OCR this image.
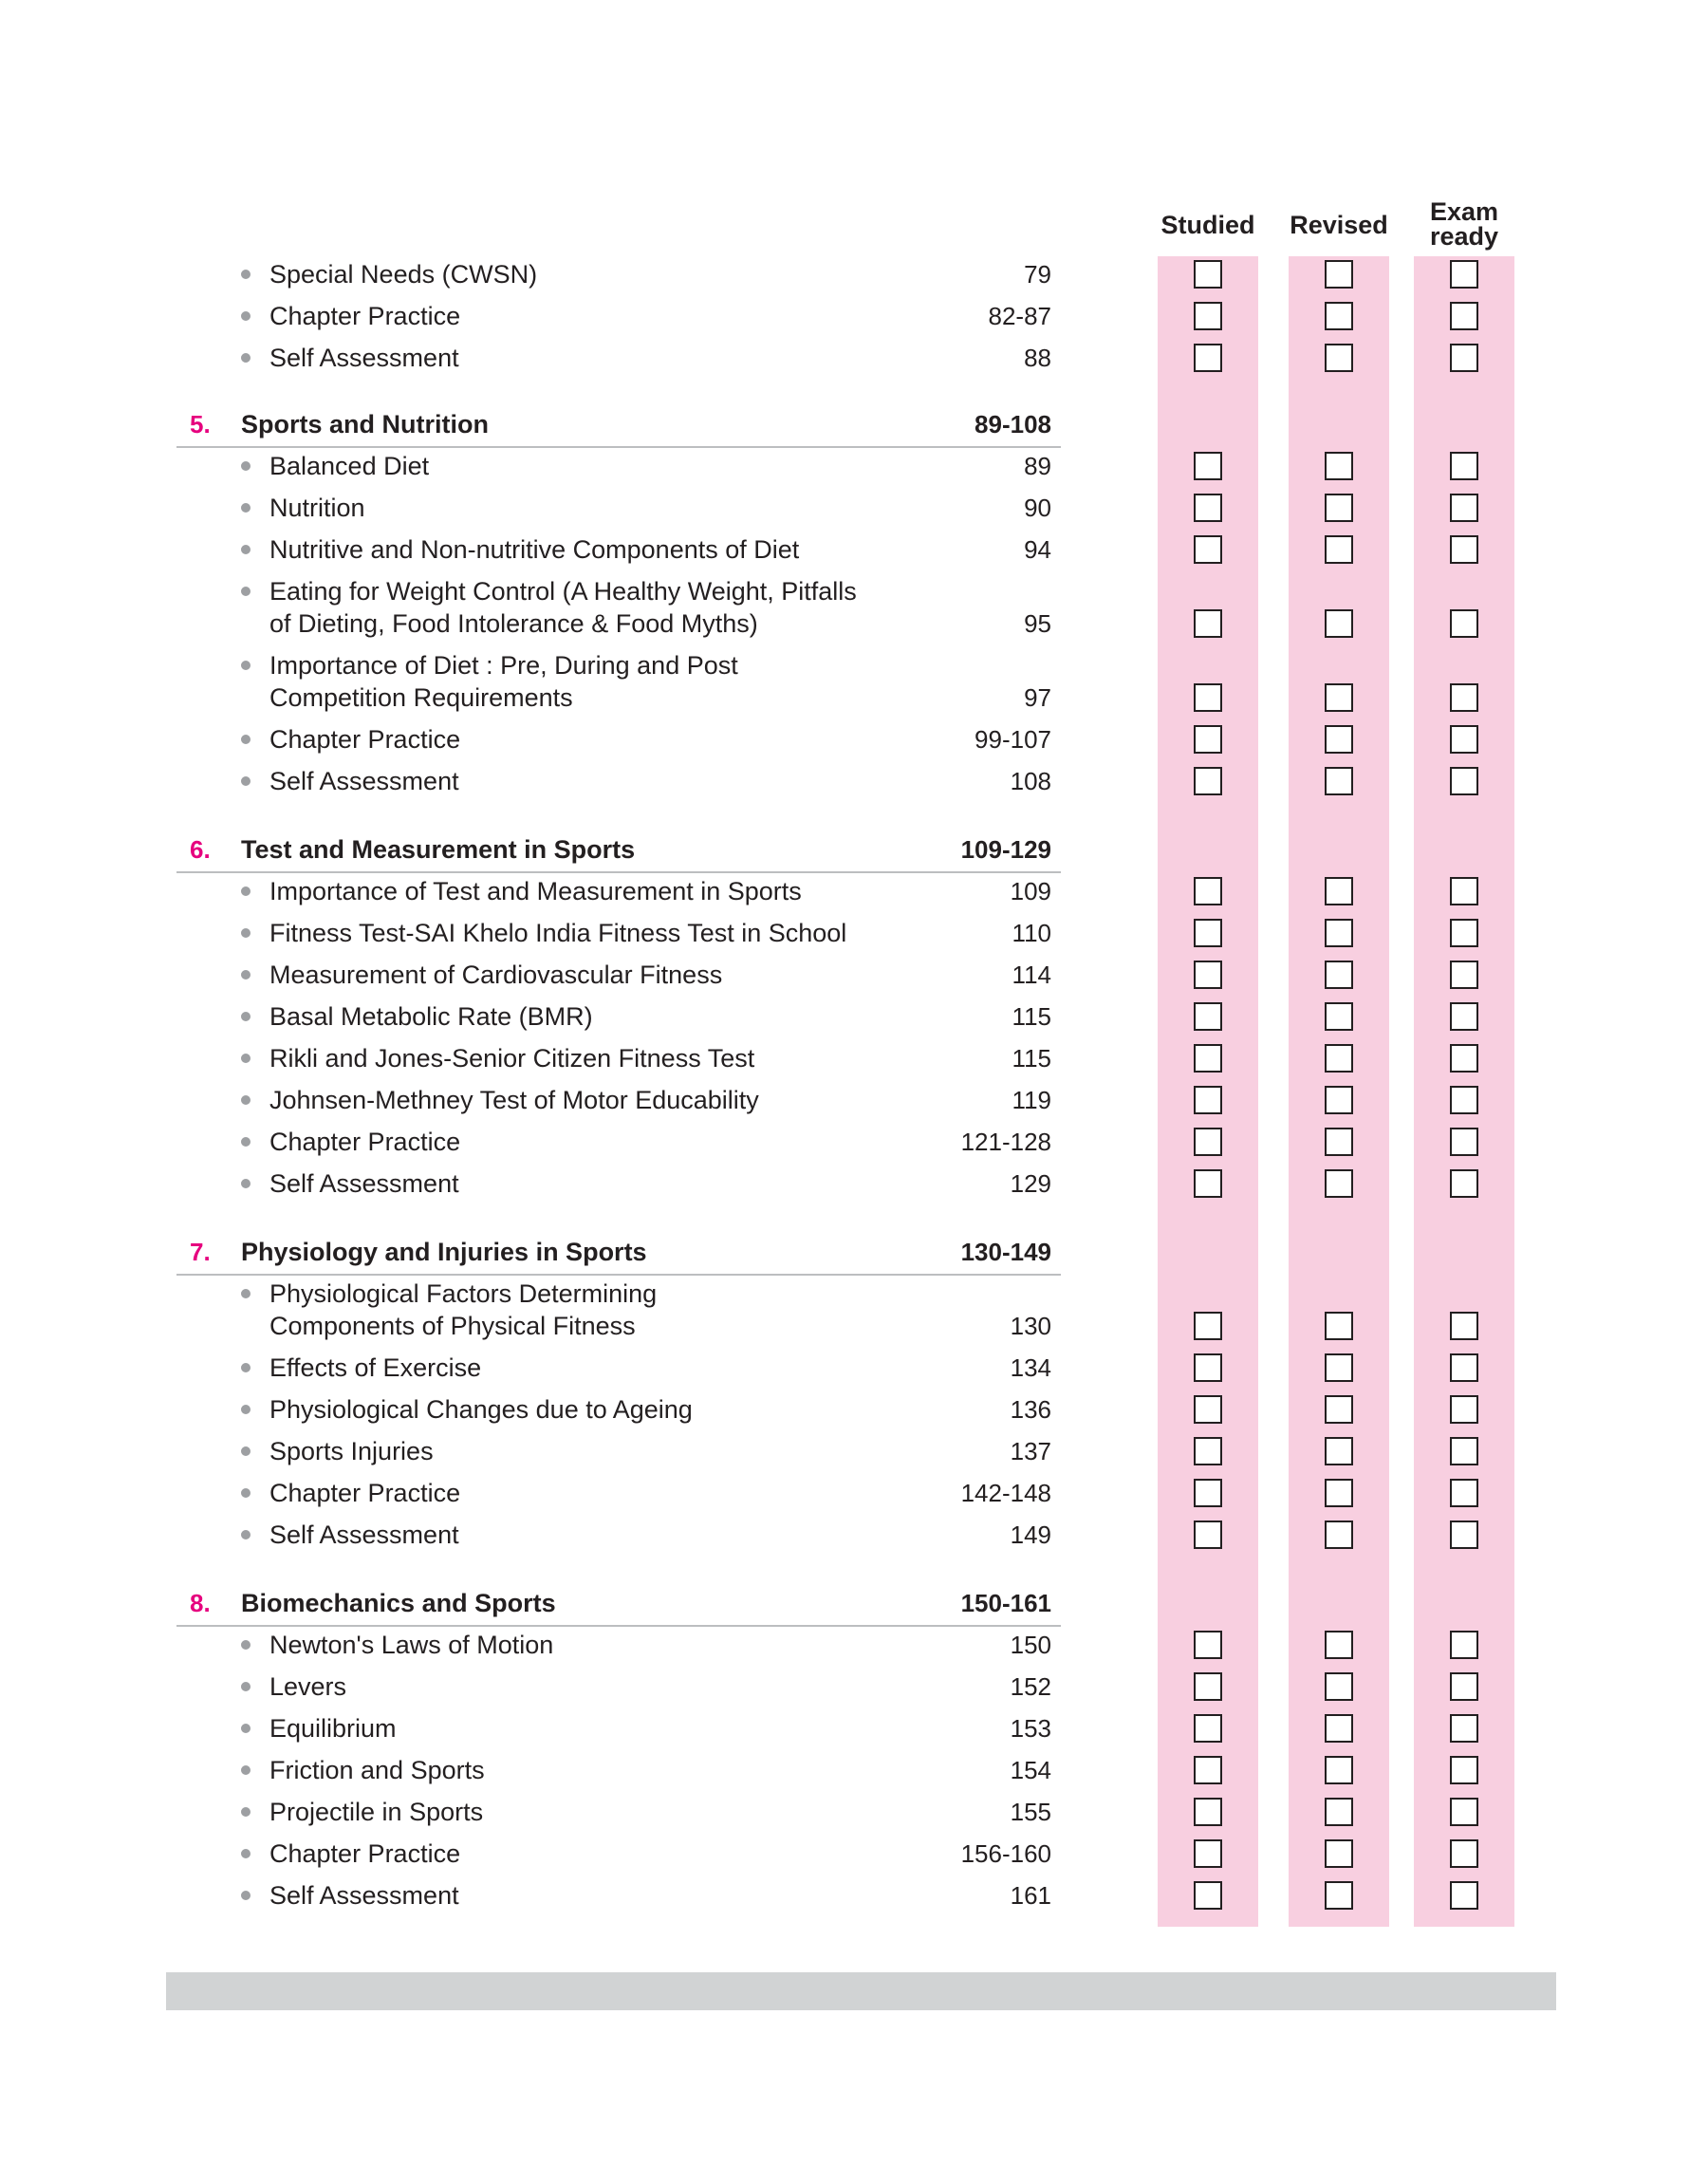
Studied	Revised	Exam
ready
Special Needs (CWSN)	79
Chapter Practice	82-87
Self Assessment	88
5.	Sports and Nutrition	89-108
Balanced Diet	89
Nutrition	90
Nutritive and Non-nutritive Components of Diet	94
Eating for Weight Control (A Healthy Weight, Pitfalls
of Dieting, Food Intolerance & Food Myths)	95
Importance of Diet : Pre, During and Post
Competition Requirements	97
Chapter Practice	99-107
Self Assessment	108
6.	Test and Measurement in Sports	109-129
Importance of Test and Measurement in Sports	109
Fitness Test-SAI Khelo India Fitness Test in School	110
Measurement of Cardiovascular Fitness	114
Basal Metabolic Rate (BMR)	115
Rikli and Jones-Senior Citizen Fitness Test	115
Johnsen-Methney Test of Motor Educability	119
Chapter Practice	121-128
Self Assessment	129
7.	Physiology and Injuries in Sports	130-149
Physiological Factors Determining
Components of Physical Fitness	130
Effects of Exercise	134
Physiological Changes due to Ageing	136
Sports Injuries	137
Chapter Practice	142-148
Self Assessment	149
8.	Biomechanics and Sports	150-161
Newton's Laws of Motion	150
Levers	152
Equilibrium	153
Friction and Sports	154
Projectile in Sports	155
Chapter Practice	156-160
Self Assessment	161
